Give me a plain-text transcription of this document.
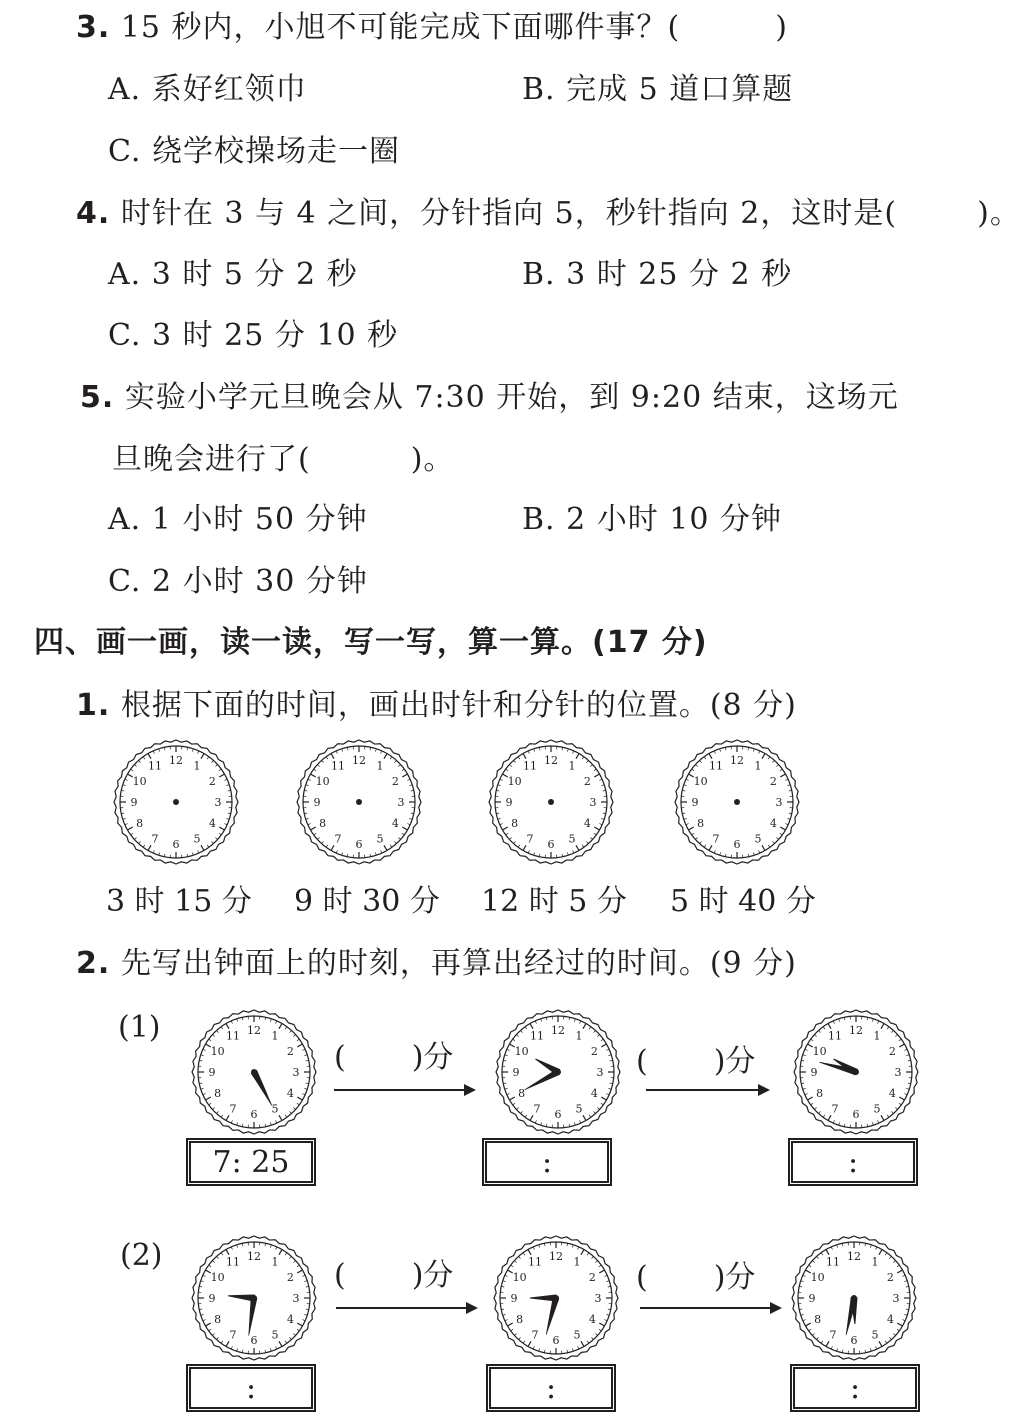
3. 15 秒内，小旭不可能完成下面哪件事？(	)
A. 系好红领巾	B. 完成 5 道口算题
C. 绕学校操场走一圈
4. 时针在 3 与 4 之间，分针指向 5，秒针指向 2，这时是(	)。
A. 3 时 5 分 2 秒	B. 3 时 25 分 2 秒
C. 3 时 25 分 10 秒
5. 实验小学元旦晚会从 7:30 开始，到 9:20 结束，这场元
旦晚会进行了(	)。
A. 1 小时 50 分钟	B. 2 小时 10 分钟
C. 2 小时 30 分钟
四、画一画，读一读，写一写，算一算。(17 分)
1. 根据下面的时间，画出时针和分针的位置。(8 分)
12 1
2
3
4
5
6
7
8
9
10
11	12 1
2
3
4
5
6
7
8
9
10
11	12 1
2
3
4
5
6
7
8
9
10
11	12 1
2
3
4
5
6
7
8
9
10
11
3 时 15 分 9 时 30 分 12 时 5 分 5 时 40 分
2. 先写出钟面上的时刻，再算出经过的时间。(9 分)
(1)	12 1
2
3
4
5
6
7
8
9
10
11	12 1
2
3
4
5
6
7
8
9
10
11	12 1
2
3
4
5
6
7
8
9
10
11
( )分	( )分
7: 25	:	:
(2)	12 1
2
3
4
5
6
7
8
9
10
11	12 1
2
3
4
5
6
7
8
9
10
11	12 1
2
3
4
5
6
7
8
9
10
11
( )分	( )分
:	:	:
